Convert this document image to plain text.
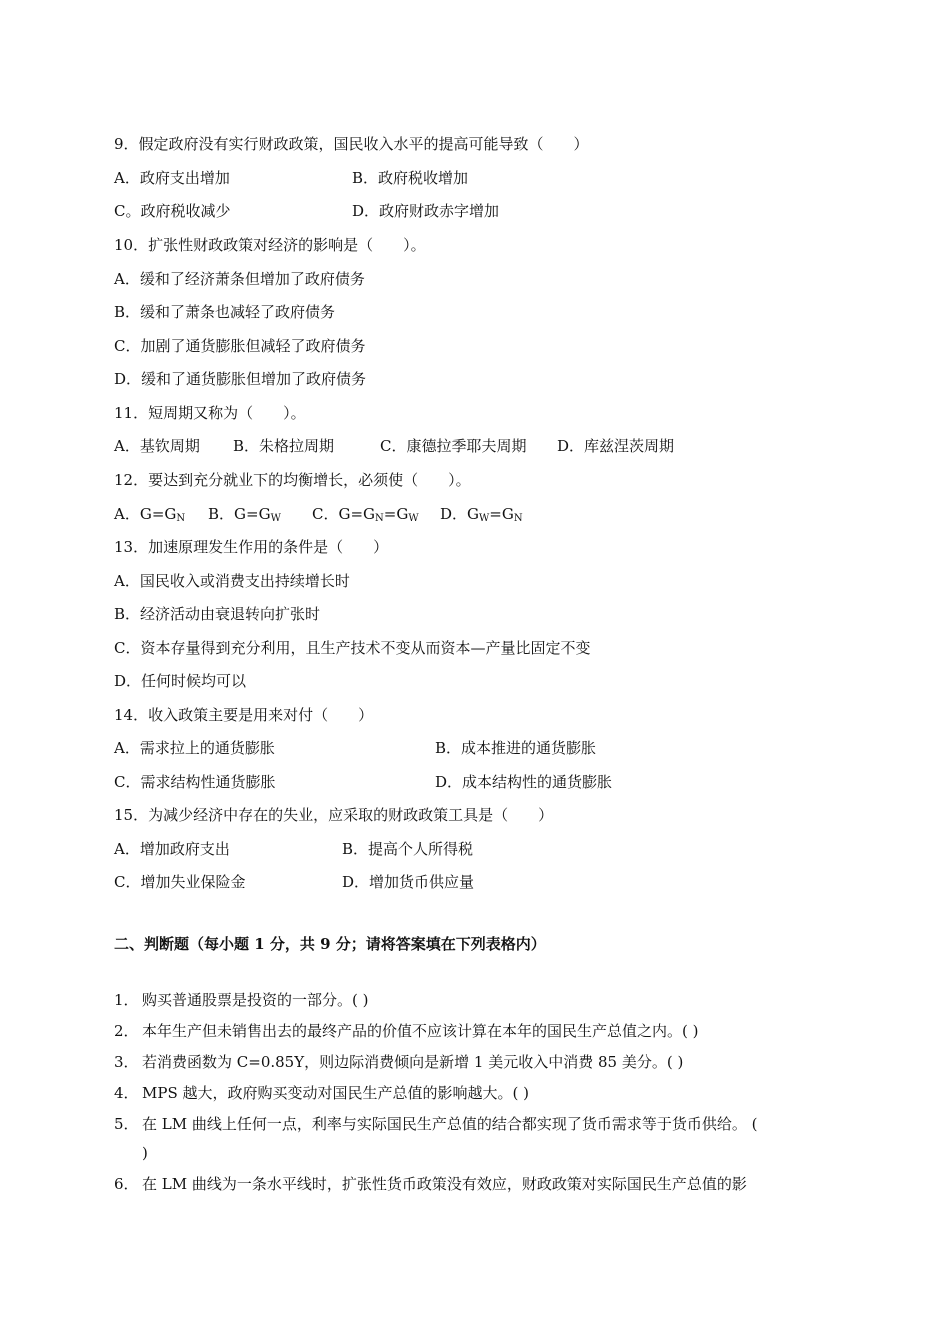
9．假定政府没有实行财政政策，国民收入水平的提高可能导致（　　）
A．政府支出增加	B．政府税收增加
C。政府税收减少	D．政府财政赤字增加
10．扩张性财政政策对经济的影响是（　　）。
A．缓和了经济萧条但增加了政府债务
B．缓和了萧条也减轻了政府债务
C．加剧了通货膨胀但减轻了政府债务
D．缓和了通货膨胀但增加了政府债务
11．短周期又称为（　　）。
A．基钦周期 B．朱格拉周期	C．康德拉季耶夫周期 D．库兹涅茨周期
12．要达到充分就业下的均衡增长，必须使（　　）。
A．$G=G_N$ B．$G=G_W$ C．$G=G_N=G_W$ D．$G_W=G_N$
13．加速原理发生作用的条件是（　　）
A．国民收入或消费支出持续增长时
B．经济活动由衰退转向扩张时
C．资本存量得到充分利用，且生产技术不变从而资本—产量比固定不变
D．任何时候均可以
14．收入政策主要是用来对付（　　）
A．需求拉上的通货膨胀	B．成本推进的通货膨胀
C．需求结构性通货膨胀	D．成本结构性的通货膨胀
15．为减少经济中存在的失业，应采取的财政政策工具是（　　）
A．增加政府支出	B．提高个人所得税
C．增加失业保险金	D．增加货币供应量
二、判断题（每小题 1 分，共 9 分；请将答案填在下列表格内）
1． 购买普通股票是投资的一部分。( )
2． 本年生产但未销售出去的最终产品的价值不应该计算在本年的国民生产总值之内。( )
3． 若消费函数为 C=0.85Y，则边际消费倾向是新增 1 美元收入中消费 85 美分。( )
4． MPS 越大，政府购买变动对国民生产总值的影响越大。( )
5． 在 LM 曲线上任何一点，利率与实际国民生产总值的结合都实现了货币需求等于货币供给。 (
)
6． 在 LM 曲线为一条水平线时，扩张性货币政策没有效应，财政政策对实际国民生产总值的影
